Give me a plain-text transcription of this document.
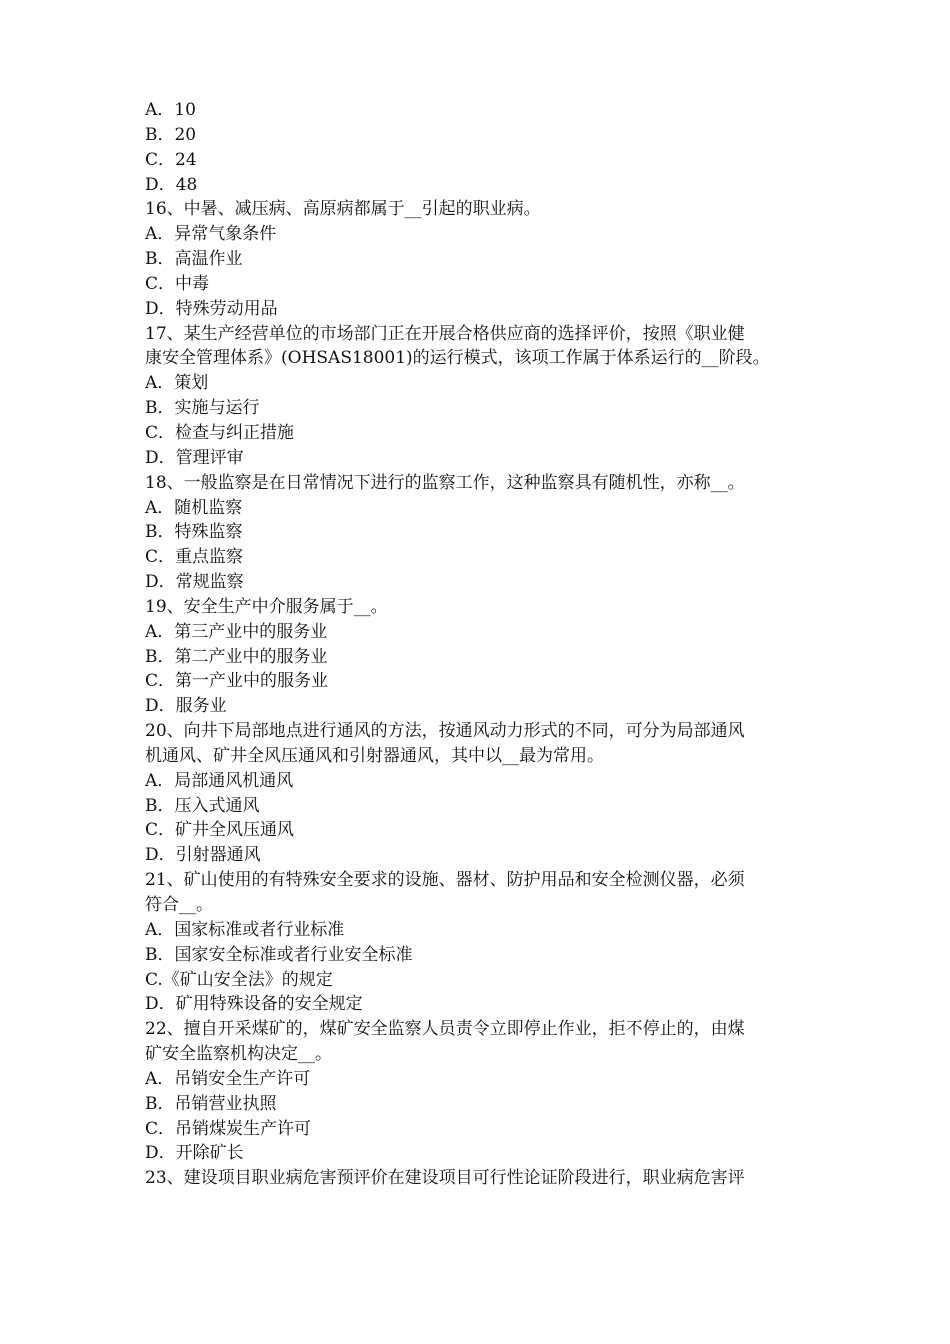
A．10
B．20
C．24
D．48
16、中暑、减压病、高原病都属于__引起的职业病。
A．异常气象条件
B．高温作业
C．中毒
D．特殊劳动用品
17、某生产经营单位的市场部门正在开展合格供应商的选择评价，按照《职业健
康安全管理体系》(OHSAS18001)的运行模式，该项工作属于体系运行的__阶段。
A．策划
B．实施与运行
C．检查与纠正措施
D．管理评审
18、一般监察是在日常情况下进行的监察工作，这种监察具有随机性，亦称__。
A．随机监察
B．特殊监察
C．重点监察
D．常规监察
19、安全生产中介服务属于__。
A．第三产业中的服务业
B．第二产业中的服务业
C．第一产业中的服务业
D．服务业
20、向井下局部地点进行通风的方法，按通风动力形式的不同，可分为局部通风
机通风、矿井全风压通风和引射器通风，其中以__最为常用。
A．局部通风机通风
B．压入式通风
C．矿井全风压通风
D．引射器通风
21、矿山使用的有特殊安全要求的设施、器材、防护用品和安全检测仪器，必须
符合__。
A．国家标准或者行业标准
B．国家安全标准或者行业安全标准
C.《矿山安全法》的规定
D．矿用特殊设备的安全规定
22、擅自开采煤矿的，煤矿安全监察人员责令立即停止作业，拒不停止的，由煤
矿安全监察机构决定__。
A．吊销安全生产许可
B．吊销营业执照
C．吊销煤炭生产许可
D．开除矿长
23、建设项目职业病危害预评价在建设项目可行性论证阶段进行，职业病危害评
